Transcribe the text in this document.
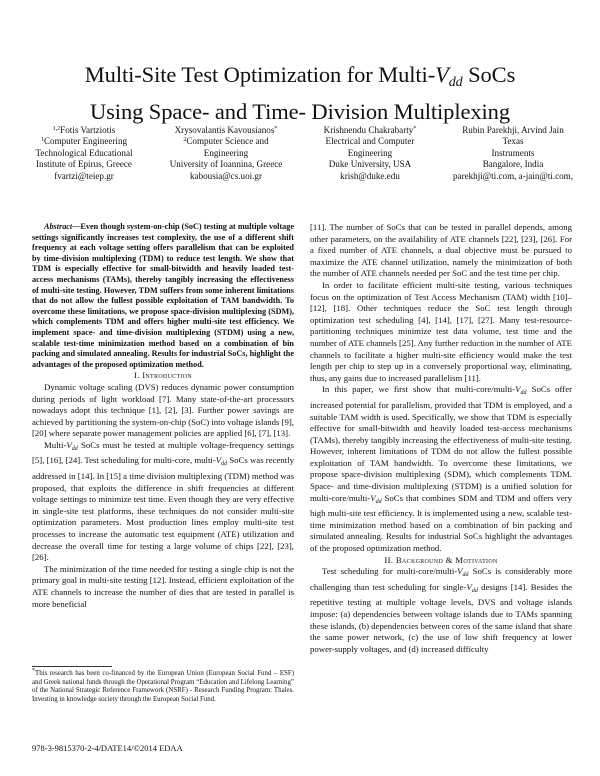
Multi-Site Test Optimization for Multi-$V_{dd}$ SoCs
Using Space- and Time- Division Multiplexing
$^{1,2}$Fotis Vartziotis
$^1$Computer Engineering
Technological Educational
Institute of Epirus, Greece
fvartzi@teiep.gr
Xrysovalantis Kavousianos*
$^2$Computer Science and
Engineering
University of Ioannina, Greece
kabousia@cs.uoi.gr
Krishnendu Chakrabarty*
Electrical and Computer
Engineering
Duke University, USA
krish@duke.edu
Rubin Parekhji, Arvind Jain
Texas
Instruments
Bangalore, India
parekhji@ti.com, a-jain@ti.com,

Abstract—Even though system-on-chip (SoC) testing at multiple voltage settings significantly increases test complexity, the use of a different shift frequency at each voltage setting offers parallelism that can be exploited by time-division multiplexing (TDM) to reduce test length. We show that TDM is especially effective for small-bitwidth and heavily loaded test-access mechanisms (TAMs), thereby tangibly increasing the effectiveness of multi-site testing. However, TDM suffers from some inherent limitations that do not allow the fullest possible exploitation of TAM bandwidth. To overcome these limitations, we propose space-division multiplexing (SDM), which complements TDM and offers higher multi-site test efficiency. We implement space- and time-division multiplexing (STDM) using a new, scalable test-time minimization method based on a combination of bin packing and simulated annealing. Results for industrial SoCs, highlight the advantages of the proposed optimization method.

I. Introduction

Dynamic voltage scaling (DVS) reduces dynamic power consumption during periods of light workload [7]. Many state-of-the-art processors nowadays adopt this technique [1], [2], [3]. Further power savings are achieved by partitioning the system-on-chip (SoC) into voltage islands [9], [20] where separate power management policies are applied [6], [7], [13].

Multi-$V_{dd}$ SoCs must be tested at multiple voltage-frequency settings [5], [16], [24]. Test scheduling for multi-core, multi-$V_{dd}$ SoCs was recently addressed in [14]. In [15] a time division multiplexing (TDM) method was proposed, that exploits the difference in shift frequencies at different voltage settings to minimize test time. Even though they are very effective in single-site test platforms, these techniques do not consider multi-site optimization parameters. Most production lines employ multi-site test processes to increase the automatic test equipment (ATE) utilization and decrease the overall time for testing a large volume of chips [22], [23], [26].

The minimization of the time needed for testing a single chip is not the primary goal in multi-site testing [12]. Instead, efficient exploitation of the ATE channels to increase the number of dies that are tested in parallel is more beneficial

[11]. The number of SoCs that can be tested in parallel depends, among other parameters, on the availability of ATE channels [22], [23], [26]. For a fixed number of ATE channels, a dual objective must be pursued to maximize the ATE channel utilization, namely the minimization of both the number of ATE channels needed per SoC and the test time per chip.

In order to facilitate efficient multi-site testing, various techniques focus on the optimization of Test Access Mechanism (TAM) width [10]–[12], [18]. Other techniques reduce the SoC test length through optimization test scheduling [4], [14], [17], [27]. Many test-resource-partitioning techniques minimize test data volume, test time and the number of ATE channels [25]. Any further reduction in the number of ATE channels to facilitate a higher multi-site efficiency would make the test length per chip to step up in a conversely proportional way, eliminating, thus, any gains due to increased parallelism [11].

In this paper, we first show that multi-$core/multi-V_{dd}$ SoCs offer increased potential for parallelism, provided that TDM is employed, and a suitable TAM width is used. Specifically, we show that TDM is especially effective for small-bitwidth and heavily loaded test-access mechanisms (TAMs), thereby tangibly increasing the effectiveness of multi-site testing. However, inherent limitations of TDM do not allow the fullest possible exploitation of TAM bandwidth. To overcome these limitations, we propose space-division multiplexing (SDM), which complements TDM. Space- and time-division multiplexing (STDM) is a unified solution for multi-$core/multi-V_{dd}$ SoCs that combines SDM and TDM and offers very high multi-site test efficiency. It is implemented using a new, scalable test-time minimization method based on a combination of bin packing and simulated annealing. Results for industrial SoCs highlight the advantages of the proposed optimization method.

II. Background & Motivation

Test scheduling for multi-$core/multi-V_{dd}$ SoCs is considerably more challenging than test scheduling for single-$V_{dd}$ designs [14]. Besides the repetitive testing at multiple voltage levels, DVS and voltage islands impose: (a) dependencies between voltage islands due to TAMs spanning these islands, (b) dependencies between cores of the same island that share the same power network, (c) the use of low shift frequency at lower power-supply voltages, and (d) increased difficulty

*This research has been co-financed by the European Union (European Social Fund – ESF) and Greek national funds through the Operational Program “Education and Lifelong Learning” of the National Strategic Reference Framework (NSRF) - Research Funding Program: Thales. Investing in knowledge society through the European Social Fund.
978-3-9815370-2-4/DATE14/©2014 EDAA
